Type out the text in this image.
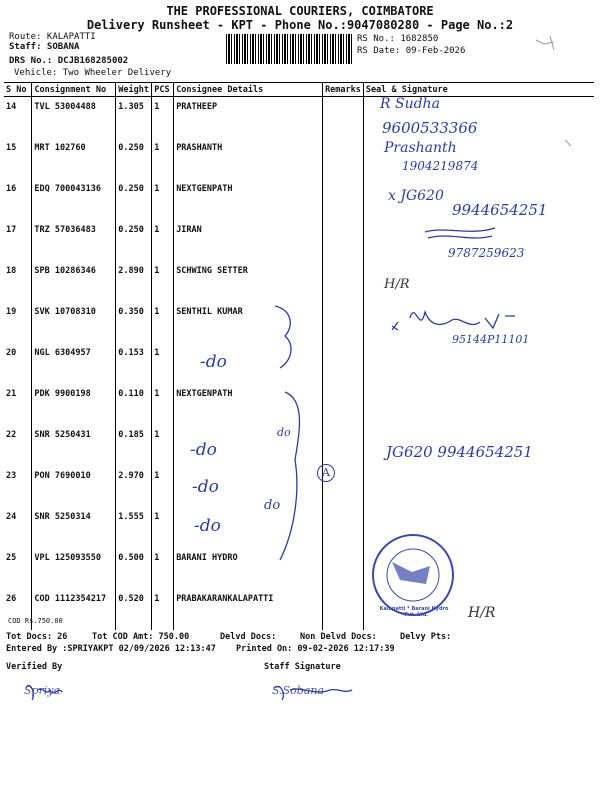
THE PROFESSIONAL COURIERS, COIMBATORE
Delivery Runsheet - KPT - Phone No.:9047080280 - Page No.:2
Route: KALAPATTI
Staff: SOBANA
DRS No.: DCJB168285002
Vehicle: Two Wheeler Delivery
RS No.: 1682850
RS Date: 09-Feb-2026
S No	Consignment No	Weight	PCS	Consignee Details	Remarks	Seal & Signature
14	TVL 53004488	1.305	1	PRATHEEP		
15	MRT 102760	0.250	1	PRASHANTH		
16	EDQ 700043136	0.250	1	NEXTGENPATH		
17	TRZ 57036483	0.250	1	JIRAN		
18	SPB 10286346	2.890	1	SCHWING SETTER		
19	SVK 10708310	0.350	1	SENTHIL KUMAR		
20	NGL 6304957	0.153	1			
21	PDK 9900198	0.110	1	NEXTGENPATH		
22	SNR 5250431	0.185	1			
23	PON 7690010	2.970	1			
24	SNR 5250314	1.555	1			
25	VPL 125093550	0.500	1	BARANI HYDRO		
26	COD 1112354217	0.520	1	PRABAKARANKALAPATTI		
COD Rs.750.00
R Sudha
9600533366
Prashanth
1904219874
x JG620
9944654251
9787259623
H/R
95144P11101
-do
-do
-do
-do
do
do
A
JG620 9944654251
H/R
Kalapatti * Barani Hydro * Pvt. Ltd.
Tot Docs: 26	Tot COD Amt: 750.00	Delvd Docs:	Non Delvd Docs:	Delvy Pts:
Entered By :SPRIYAKPT 02/09/2026 12:13:47 Printed On: 09-02-2026 12:17:39
Verified By	Staff Signature
Spriya	S.Sobana
